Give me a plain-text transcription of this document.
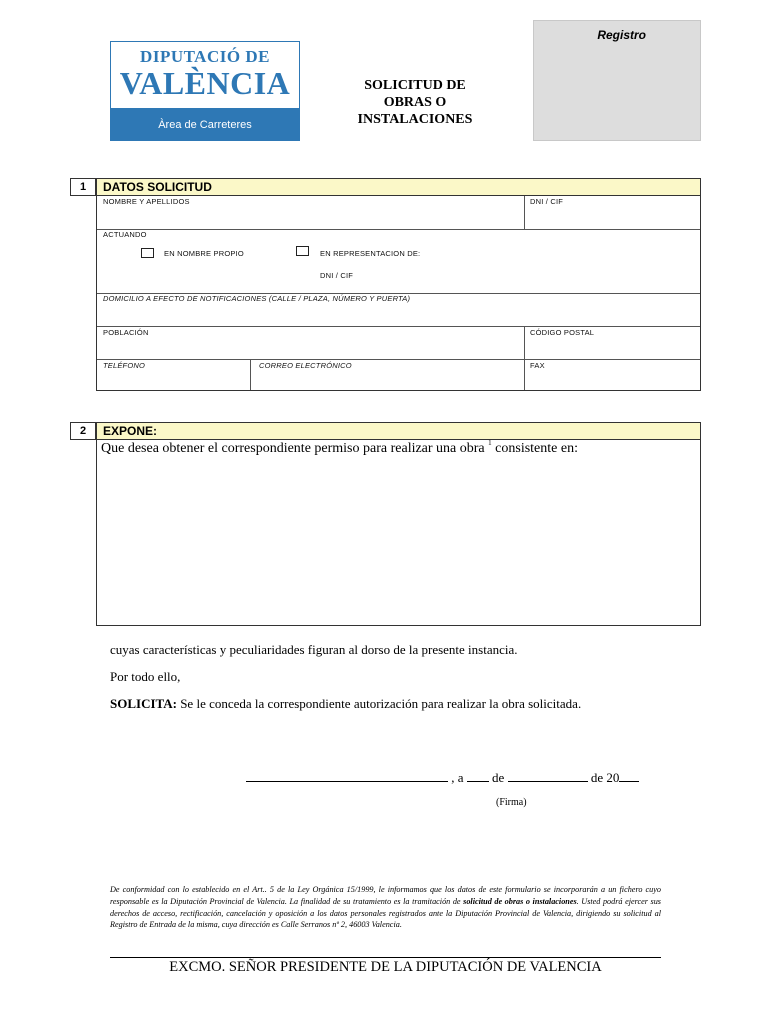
DIPUTACIÓ DE
VALÈNCIA
Àrea de Carreteres
SOLICITUD DE
OBRAS O
INSTALACIONES
Registro
1	DATOS SOLICITUD
NOMBRE Y APELLIDOS	DNI / CIF
ACTUANDO
EN NOMBRE PROPIO	EN REPRESENTACION DE:
DNI / CIF
DOMICILIO A EFECTO DE NOTIFICACIONES (CALLE / PLAZA, NÚMERO Y PUERTA)
POBLACIÓN	CÓDIGO POSTAL
TELÉFONO	CORREO ELECTRÓNICO	FAX
2	EXPONE:
Que desea obtener el correspondiente permiso para realizar una obra $^1$ consistente en:
cuyas características y peculiaridades figuran al dorso de la presente instancia.
Por todo ello,
SOLICITA: Se le conceda la correspondiente autorización para realizar la obra solicitada.
, a de	de 20
(Firma)
De conformidad con lo establecido en el Art.. 5 de la Ley Orgánica 15/1999, le informamos que los datos de este formulario se incorporarán a un fichero cuyo responsable es la Diputación Provincial de Valencia. La finalidad de su tratamiento es la tramitación de solicitud de obras o instalaciones. Usted podrá ejercer sus derechos de acceso, rectificación, cancelación y oposición a los datos personales registrados ante la Diputación Provincial de Valencia, dirigiendo su solicitud al Registro de Entrada de la misma, cuya dirección es Calle Serranos nº 2, 46003 Valencia.
EXCMO. SEÑOR PRESIDENTE DE LA DIPUTACIÓN DE VALENCIA
